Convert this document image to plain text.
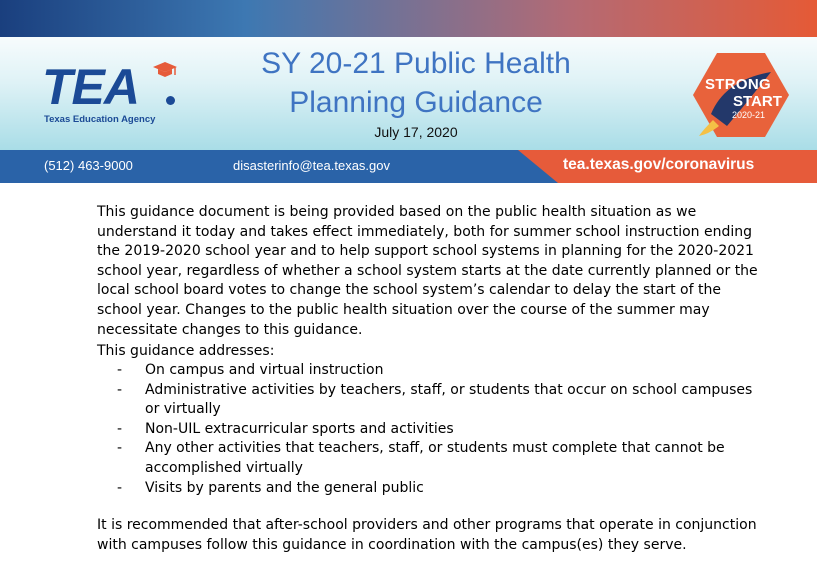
TEA
Texas Education Agency
SY 20-21 Public Health
Planning Guidance
July 17, 2020
STRONG
START
2020-21
(512) 463-9000	disasterinfo@tea.texas.gov	tea.texas.gov/coronavirus

This guidance document is being provided based on the public health situation as we understand it today and takes effect immediately, both for summer school instruction ending the 2019-2020 school year and to help support school systems in planning for the 2020-2021 school year, regardless of whether a school system starts at the date currently planned or the local school board votes to change the school system’s calendar to delay the start of the school year. Changes to the public health situation over the course of the summer may necessitate changes to this guidance.

This guidance addresses:

- On campus and virtual instruction
- Administrative activities by teachers, staff, or students that occur on school campuses or virtually
- Non-UIL extracurricular sports and activities
- Any other activities that teachers, staff, or students must complete that cannot be accomplished virtually
- Visits by parents and the general public

It is recommended that after-school providers and other programs that operate in conjunction with campuses follow this guidance in coordination with the campus(es) they serve.
